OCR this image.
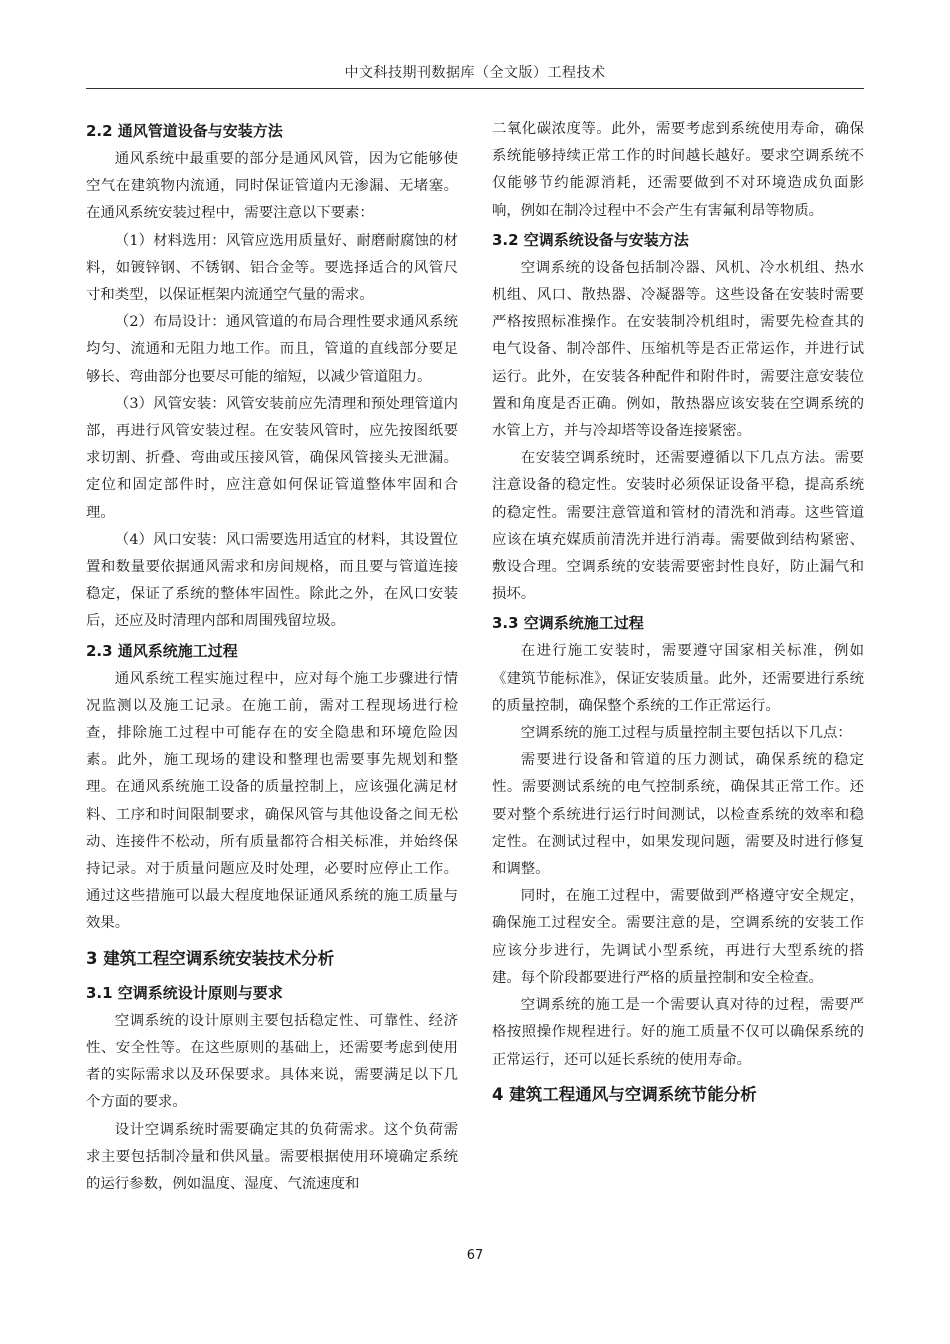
中文科技期刊数据库（全文版）工程技术
2.2 通风管道设备与安装方法

通风系统中最重要的部分是通风风管，因为它能够使空气在建筑物内流通，同时保证管道内无渗漏、无堵塞。在通风系统安装过程中，需要注意以下要素：

（1）材料选用：风管应选用质量好、耐磨耐腐蚀的材料，如镀锌钢、不锈钢、铝合金等。要选择适合的风管尺寸和类型，以保证框架内流通空气量的需求。

（2）布局设计：通风管道的布局合理性要求通风系统均匀、流通和无阻力地工作。而且，管道的直线部分要足够长、弯曲部分也要尽可能的缩短，以减少管道阻力。

（3）风管安装：风管安装前应先清理和预处理管道内部，再进行风管安装过程。在安装风管时，应先按图纸要求切割、折叠、弯曲或压接风管，确保风管接头无泄漏。定位和固定部件时，应注意如何保证管道整体牢固和合理。

（4）风口安装：风口需要选用适宜的材料，其设置位置和数量要依据通风需求和房间规格，而且要与管道连接稳定，保证了系统的整体牢固性。除此之外，在风口安装后，还应及时清理内部和周围残留垃圾。

2.3 通风系统施工过程

通风系统工程实施过程中，应对每个施工步骤进行情况监测以及施工记录。在施工前，需对工程现场进行检查，排除施工过程中可能存在的安全隐患和环境危险因素。此外，施工现场的建设和整理也需要事先规划和整理。在通风系统施工设备的质量控制上，应该强化满足材料、工序和时间限制要求，确保风管与其他设备之间无松动、连接件不松动，所有质量都符合相关标准，并始终保持记录。对于质量问题应及时处理，必要时应停止工作。通过这些措施可以最大程度地保证通风系统的施工质量与效果。

3 建筑工程空调系统安装技术分析
3.1 空调系统设计原则与要求

空调系统的设计原则主要包括稳定性、可靠性、经济性、安全性等。在这些原则的基础上，还需要考虑到使用者的实际需求以及环保要求。具体来说，需要满足以下几个方面的要求。

设计空调系统时需要确定其的负荷需求。这个负荷需求主要包括制冷量和供风量。需要根据使用环境确定系统的运行参数，例如温度、湿度、气流速度和

二氧化碳浓度等。此外，需要考虑到系统使用寿命，确保系统能够持续正常工作的时间越长越好。要求空调系统不仅能够节约能源消耗，还需要做到不对环境造成负面影响，例如在制冷过程中不会产生有害氟利昂等物质。

3.2 空调系统设备与安装方法

空调系统的设备包括制冷器、风机、冷水机组、热水机组、风口、散热器、冷凝器等。这些设备在安装时需要严格按照标准操作。在安装制冷机组时，需要先检查其的电气设备、制冷部件、压缩机等是否正常运作，并进行试运行。此外，在安装各种配件和附件时，需要注意安装位置和角度是否正确。例如，散热器应该安装在空调系统的水管上方，并与冷却塔等设备连接紧密。

在安装空调系统时，还需要遵循以下几点方法。需要注意设备的稳定性。安装时必须保证设备平稳，提高系统的稳定性。需要注意管道和管材的清洗和消毒。这些管道应该在填充媒质前清洗并进行消毒。需要做到结构紧密、敷设合理。空调系统的安装需要密封性良好，防止漏气和损坏。

3.3 空调系统施工过程

在进行施工安装时，需要遵守国家相关标准，例如《建筑节能标准》，保证安装质量。此外，还需要进行系统的质量控制，确保整个系统的工作正常运行。

空调系统的施工过程与质量控制主要包括以下几点：

需要进行设备和管道的压力测试，确保系统的稳定性。需要测试系统的电气控制系统，确保其正常工作。还要对整个系统进行运行时间测试，以检查系统的效率和稳定性。在测试过程中，如果发现问题，需要及时进行修复和调整。

同时，在施工过程中，需要做到严格遵守安全规定，确保施工过程安全。需要注意的是，空调系统的安装工作应该分步进行，先调试小型系统，再进行大型系统的搭建。每个阶段都要进行严格的质量控制和安全检查。

空调系统的施工是一个需要认真对待的过程，需要严格按照操作规程进行。好的施工质量不仅可以确保系统的正常运行，还可以延长系统的使用寿命。

4 建筑工程通风与空调系统节能分析
67
